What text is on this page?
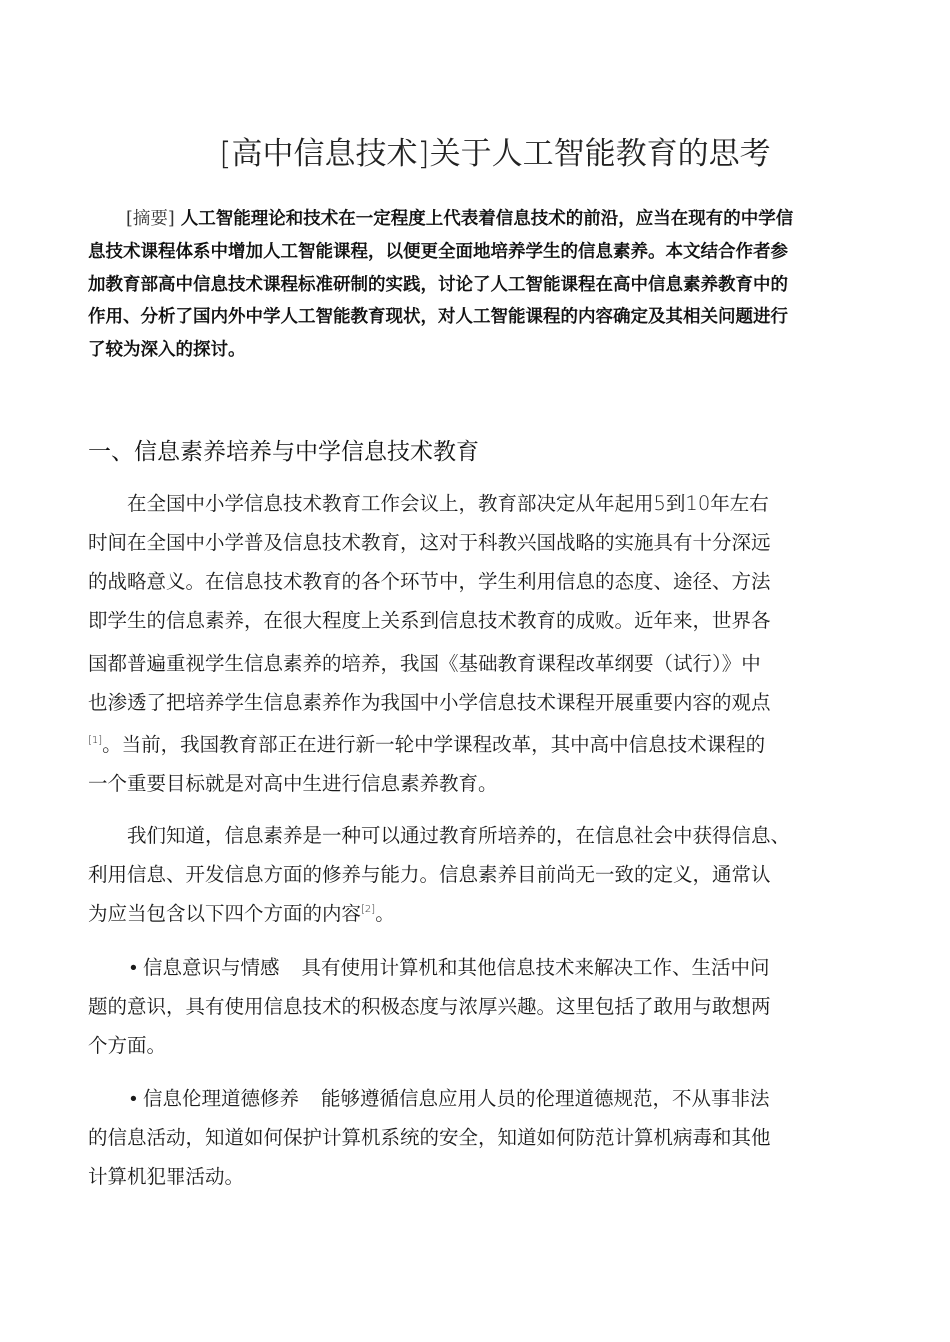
[高中信息技术]关于人工智能教育的思考
[摘要] 人工智能理论和技术在一定程度上代表着信息技术的前沿，应当在现有的中学信
息技术课程体系中增加人工智能课程，以便更全面地培养学生的信息素养。本文结合作者参
加教育部高中信息技术课程标准研制的实践，讨论了人工智能课程在高中信息素养教育中的
作用、分析了国内外中学人工智能教育现状，对人工智能课程的内容确定及其相关问题进行
了较为深入的探讨。
一、信息素养培养与中学信息技术教育
在全国中小学信息技术教育工作会议上，教育部决定从年起用5到10年左右
时间在全国中小学普及信息技术教育，这对于科教兴国战略的实施具有十分深远
的战略意义。在信息技术教育的各个环节中，学生利用信息的态度、途径、方法
即学生的信息素养，在很大程度上关系到信息技术教育的成败。近年来，世界各
国都普遍重视学生信息素养的培养，我国《基础教育课程改革纲要（试行）》中
也渗透了把培养学生信息素养作为我国中小学信息技术课程开展重要内容的观点
[1]。当前，我国教育部正在进行新一轮中学课程改革，其中高中信息技术课程的
一个重要目标就是对高中生进行信息素养教育。
我们知道，信息素养是一种可以通过教育所培养的，在信息社会中获得信息、
利用信息、开发信息方面的修养与能力。信息素养目前尚无一致的定义，通常认
为应当包含以下四个方面的内容[2]。
• 信息意识与情感 具有使用计算机和其他信息技术来解决工作、生活中问
题的意识，具有使用信息技术的积极态度与浓厚兴趣。这里包括了敢用与敢想两
个方面。
• 信息伦理道德修养 能够遵循信息应用人员的伦理道德规范，不从事非法
的信息活动，知道如何保护计算机系统的安全，知道如何防范计算机病毒和其他
计算机犯罪活动。
